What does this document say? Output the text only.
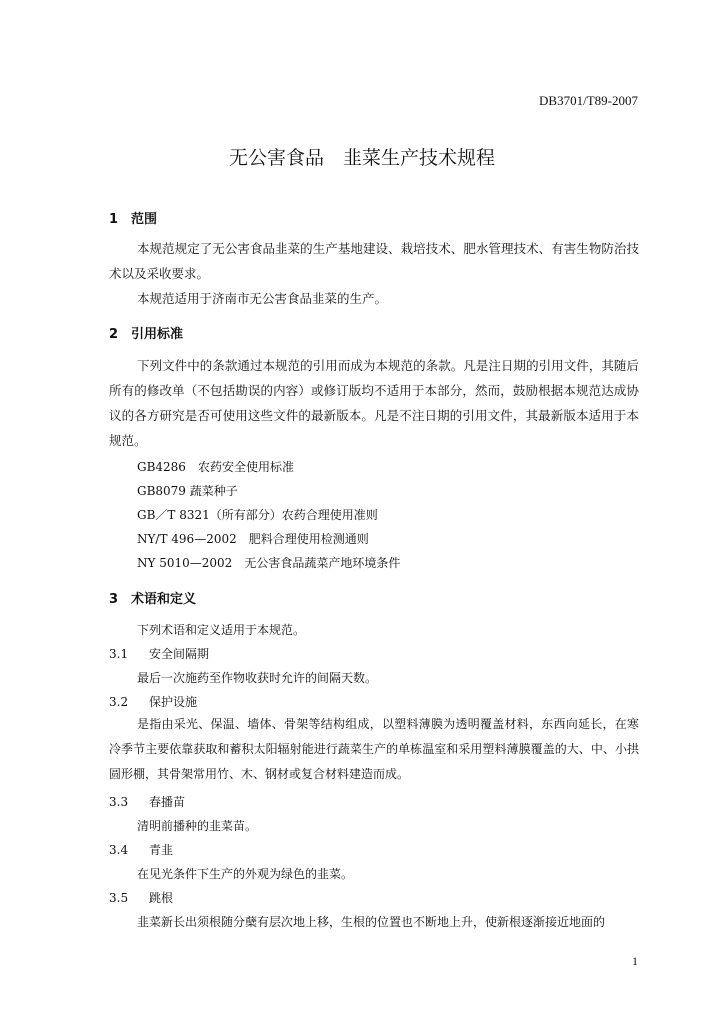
DB3701/T89-2007
无公害食品　韭菜生产技术规程
1 范围
本规范规定了无公害食品韭菜的生产基地建设、栽培技术、肥水管理技术、有害生物防治技术以及采收要求。
本规范适用于济南市无公害食品韭菜的生产。
2 引用标准
下列文件中的条款通过本规范的引用而成为本规范的条款。凡是注日期的引用文件，其随后所有的修改单（不包括勘误的内容）或修订版均不适用于本部分，然而，鼓励根据本规范达成协议的各方研究是否可使用这些文件的最新版本。凡是不注日期的引用文件，其最新版本适用于本规范。
GB4286　农药安全使用标准
GB8079 蔬菜种子
GB／T 8321（所有部分）农药合理使用准则
NY/T 496—2002　肥料合理使用检测通则
NY 5010—2002　无公害食品蔬菜产地环境条件
3 术语和定义
下列术语和定义适用于本规范。
3.1 安全间隔期
最后一次施药至作物收获时允许的间隔天数。
3.2 保护设施
是指由采光、保温、墙体、骨架等结构组成，以塑料薄膜为透明覆盖材料，东西向延长，在寒冷季节主要依靠获取和蓄积太阳辐射能进行蔬菜生产的单栋温室和采用塑料薄膜覆盖的大、中、小拱圆形棚，其骨架常用竹、木、钢材或复合材料建造而成。
3.3 春播苗
清明前播种的韭菜苗。
3.4 青韭
在见光条件下生产的外观为绿色的韭菜。
3.5 跳根
韭菜新长出须根随分蘖有层次地上移，生根的位置也不断地上升，使新根逐渐接近地面的
1
